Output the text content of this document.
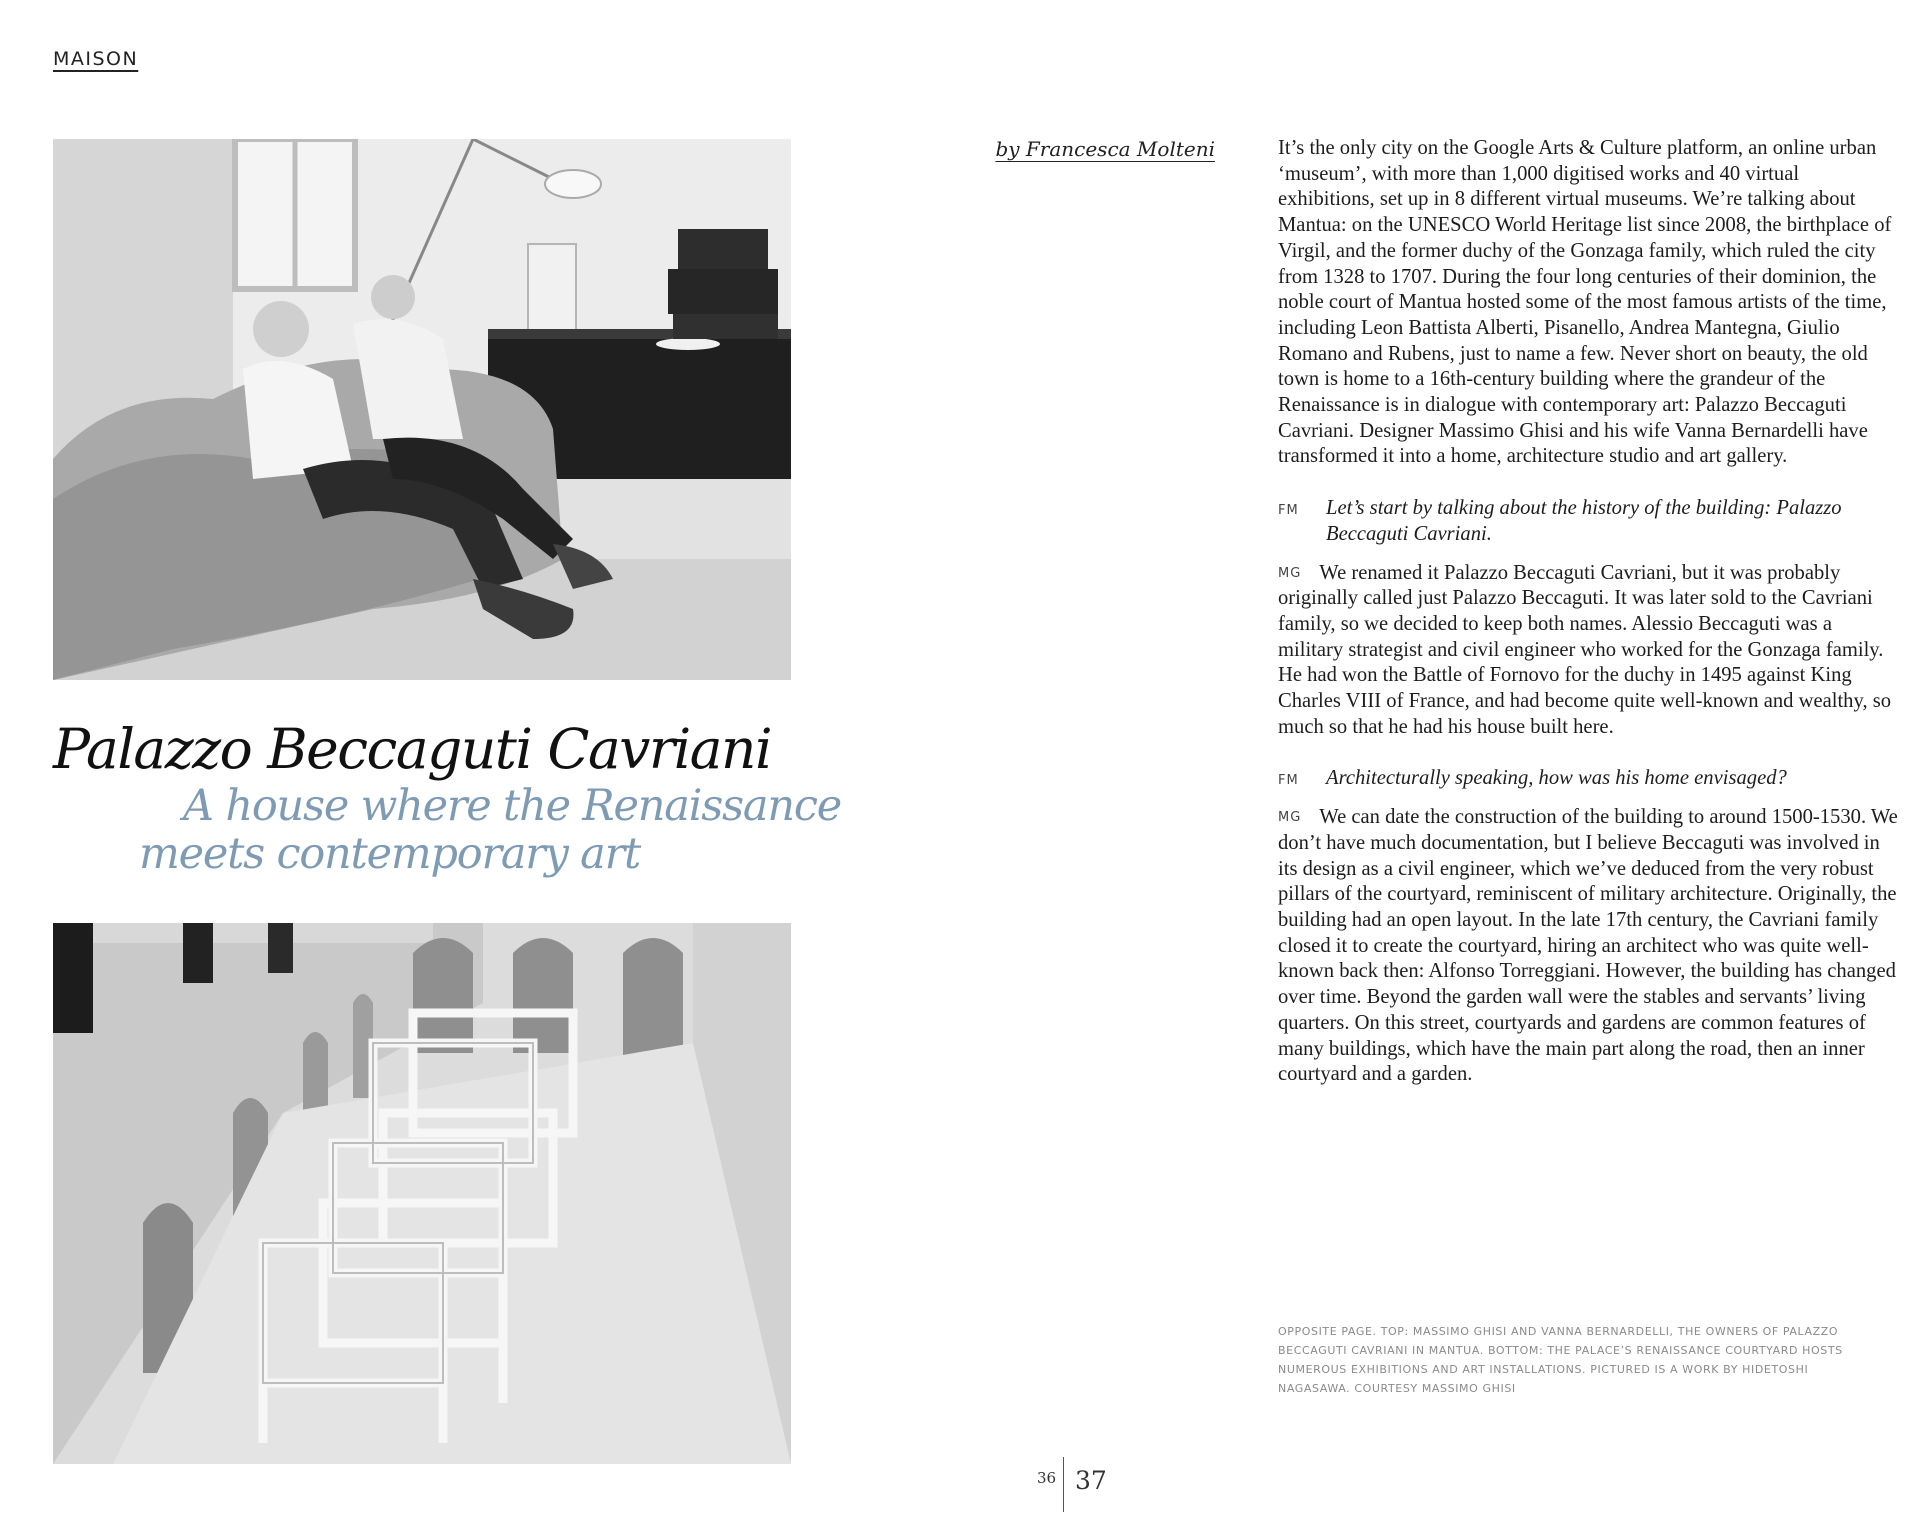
MAISON
Palazzo Beccaguti Cavriani
A house where the Renaissance
meets contemporary art
by Francesca Molteni	It’s the only city on the Google Arts & Culture platform, an online urban ‘museum’, with more than 1,000 digitised works and 40 virtual exhibitions, set up in 8 different virtual museums. We’re talking about Mantua: on the UNESCO World Heritage list since 2008, the birthplace of Virgil, and the former duchy of the Gonzaga family, which ruled the city from 1328 to 1707. During the four long centuries of their dominion, the noble court of Mantua hosted some of the most famous artists of the time, including Leon Battista Alberti, Pisanello, Andrea Mantegna, Giulio Romano and Rubens, just to name a few. Never short on beauty, the old town is home to a 16th-century building where the grandeur of the Renaissance is in dialogue with contemporary art: Palazzo Beccaguti Cavriani. Designer Massimo Ghisi and his wife Vanna Bernardelli have transformed it into a home, architecture studio and art gallery.

FM Let’s start by talking about the history of the building: Palazzo Beccaguti Cavriani.

MG We renamed it Palazzo Beccaguti Cavriani, but it was probably originally called just Palazzo Beccaguti. It was later sold to the Cavriani family, so we decided to keep both names. Alessio Beccaguti was a military strategist and civil engineer who worked for the Gonzaga family. He had won the Battle of Fornovo for the duchy in 1495 against King Charles VIII of France, and had become quite well-known and wealthy, so much so that he had his house built here.

FM Architecturally speaking, how was his home envisaged?

MG We can date the construction of the building to around 1500-1530. We don’t have much documentation, but I believe Beccaguti was involved in its design as a civil engineer, which we’ve deduced from the very robust pillars of the courtyard, reminiscent of military architecture. Originally, the building had an open layout. In the late 17th century, the Cavriani family closed it to create the courtyard, hiring an architect who was quite well-known back then: Alfonso Torreggiani. However, the building has changed over time. Beyond the garden wall were the stables and servants’ living quarters. On this street, courtyards and gardens are common features of many buildings, which have the main part along the road, then an inner courtyard and a garden.

OPPOSITE PAGE. TOP: MASSIMO GHISI AND VANNA BERNARDELLI, THE OWNERS OF PALAZZO BECCAGUTI CAVRIANI IN MANTUA. BOTTOM: THE PALACE’S RENAISSANCE COURTYARD HOSTS NUMEROUS EXHIBITIONS AND ART INSTALLATIONS. PICTURED IS A WORK BY HIDETOSHI NAGASAWA. COURTESY MASSIMO GHISI
36 37
